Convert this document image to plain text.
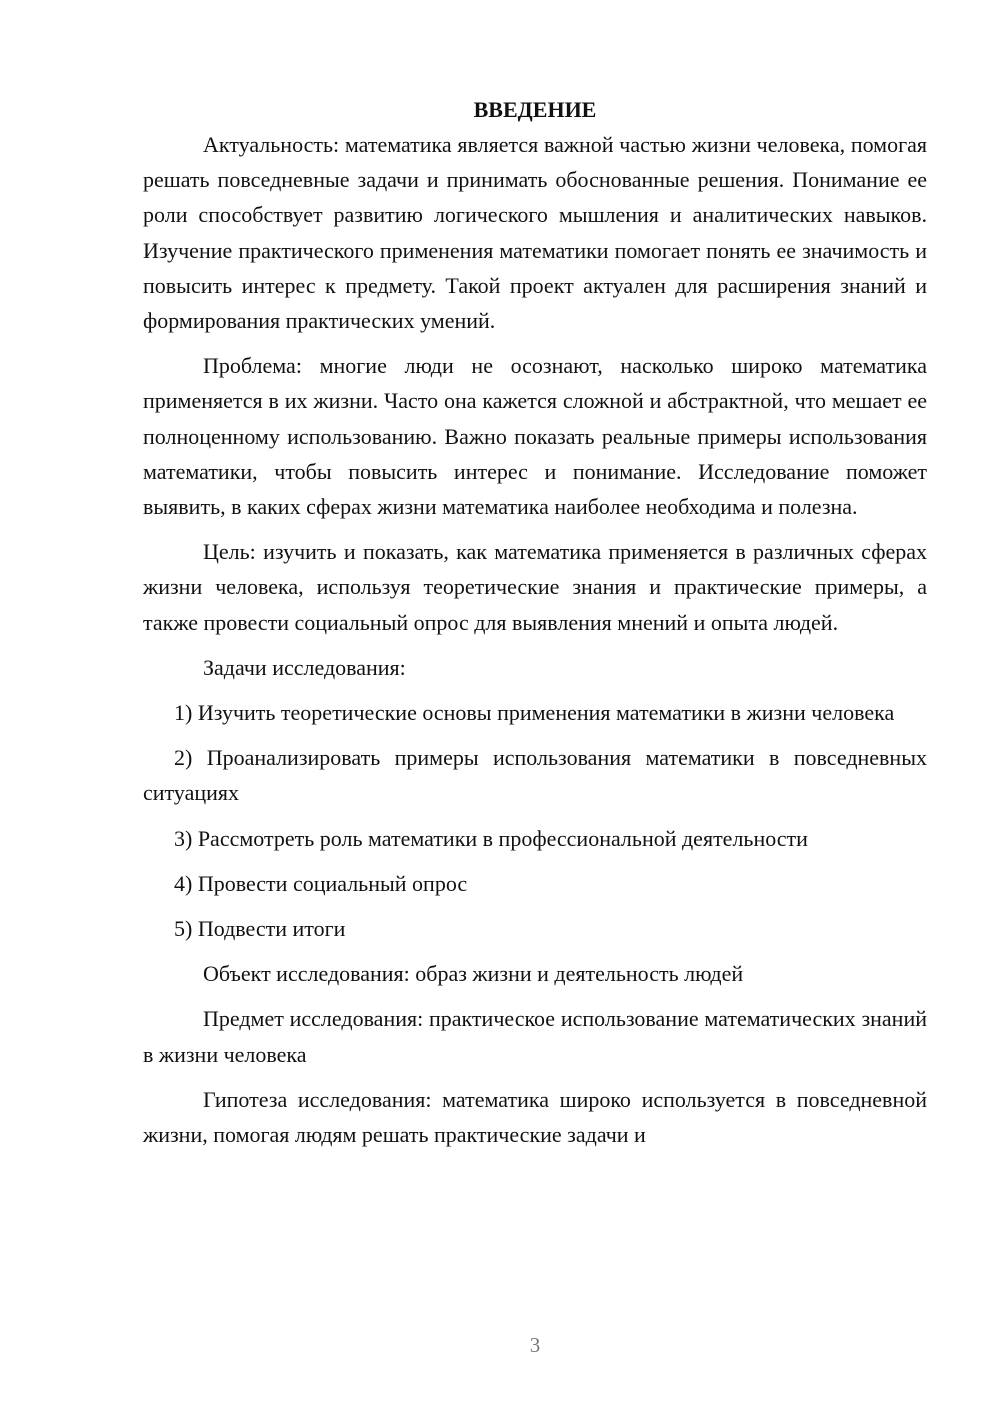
ВВЕДЕНИЕ

Актуальность: математика является важной частью жизни человека, помогая решать повседневные задачи и принимать обоснованные решения. Понимание ее роли способствует развитию логического мышления и аналитических навыков. Изучение практического применения математики помогает понять ее значимость и повысить интерес к предмету. Такой проект актуален для расширения знаний и формирования практических умений.

Проблема: многие люди не осознают, насколько широко математика применяется в их жизни. Часто она кажется сложной и абстрактной, что мешает ее полноценному использованию. Важно показать реальные примеры использования математики, чтобы повысить интерес и понимание. Исследование поможет выявить, в каких сферах жизни математика наиболее необходима и полезна.

Цель: изучить и показать, как математика применяется в различных сферах жизни человека, используя теоретические знания и практические примеры, а также провести социальный опрос для выявления мнений и опыта людей.

Задачи исследования:

1) Изучить теоретические основы применения математики в жизни человека

2) Проанализировать примеры использования математики в повседневных ситуациях

3) Рассмотреть роль математики в профессиональной деятельности

4) Провести социальный опрос

5) Подвести итоги

Объект исследования: образ жизни и деятельность людей

Предмет исследования: практическое использование математических знаний в жизни человека

Гипотеза исследования: математика широко используется в повседневной жизни, помогая людям решать практические задачи и

3
